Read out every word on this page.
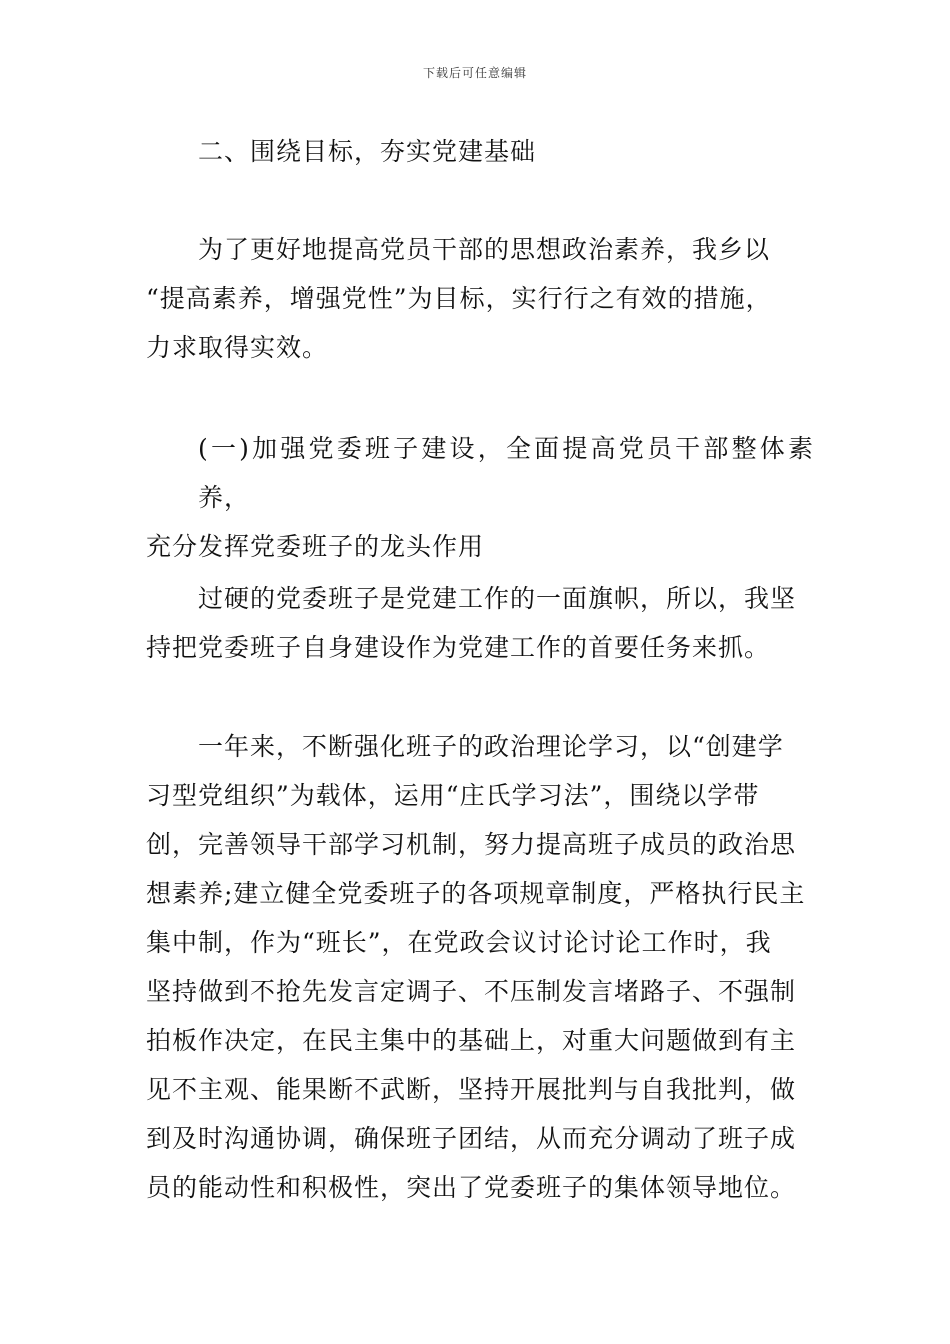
下载后可任意编辑

二、围绕目标，夯实党建基础

为了更好地提高党员干部的思想政治素养，我乡以
“提高素养，增强党性”为目标，实行行之有效的措施，
力求取得实效。

(一)加强党委班子建设，全面提高党员干部整体素养，
充分发挥党委班子的龙头作用

过硬的党委班子是党建工作的一面旗帜，所以，我坚
持把党委班子自身建设作为党建工作的首要任务来抓。

一年来，不断强化班子的政治理论学习，以“创建学
习型党组织”为载体，运用“庄氏学习法”，围绕以学带
创，完善领导干部学习机制，努力提高班子成员的政治思
想素养;建立健全党委班子的各项规章制度，严格执行民主
集中制，作为“班长”，在党政会议讨论讨论工作时，我
坚持做到不抢先发言定调子、不压制发言堵路子、不强制
拍板作决定，在民主集中的基础上，对重大问题做到有主
见不主观、能果断不武断，坚持开展批判与自我批判，做
到及时沟通协调，确保班子团结，从而充分调动了班子成
员的能动性和积极性，突出了党委班子的集体领导地位。
